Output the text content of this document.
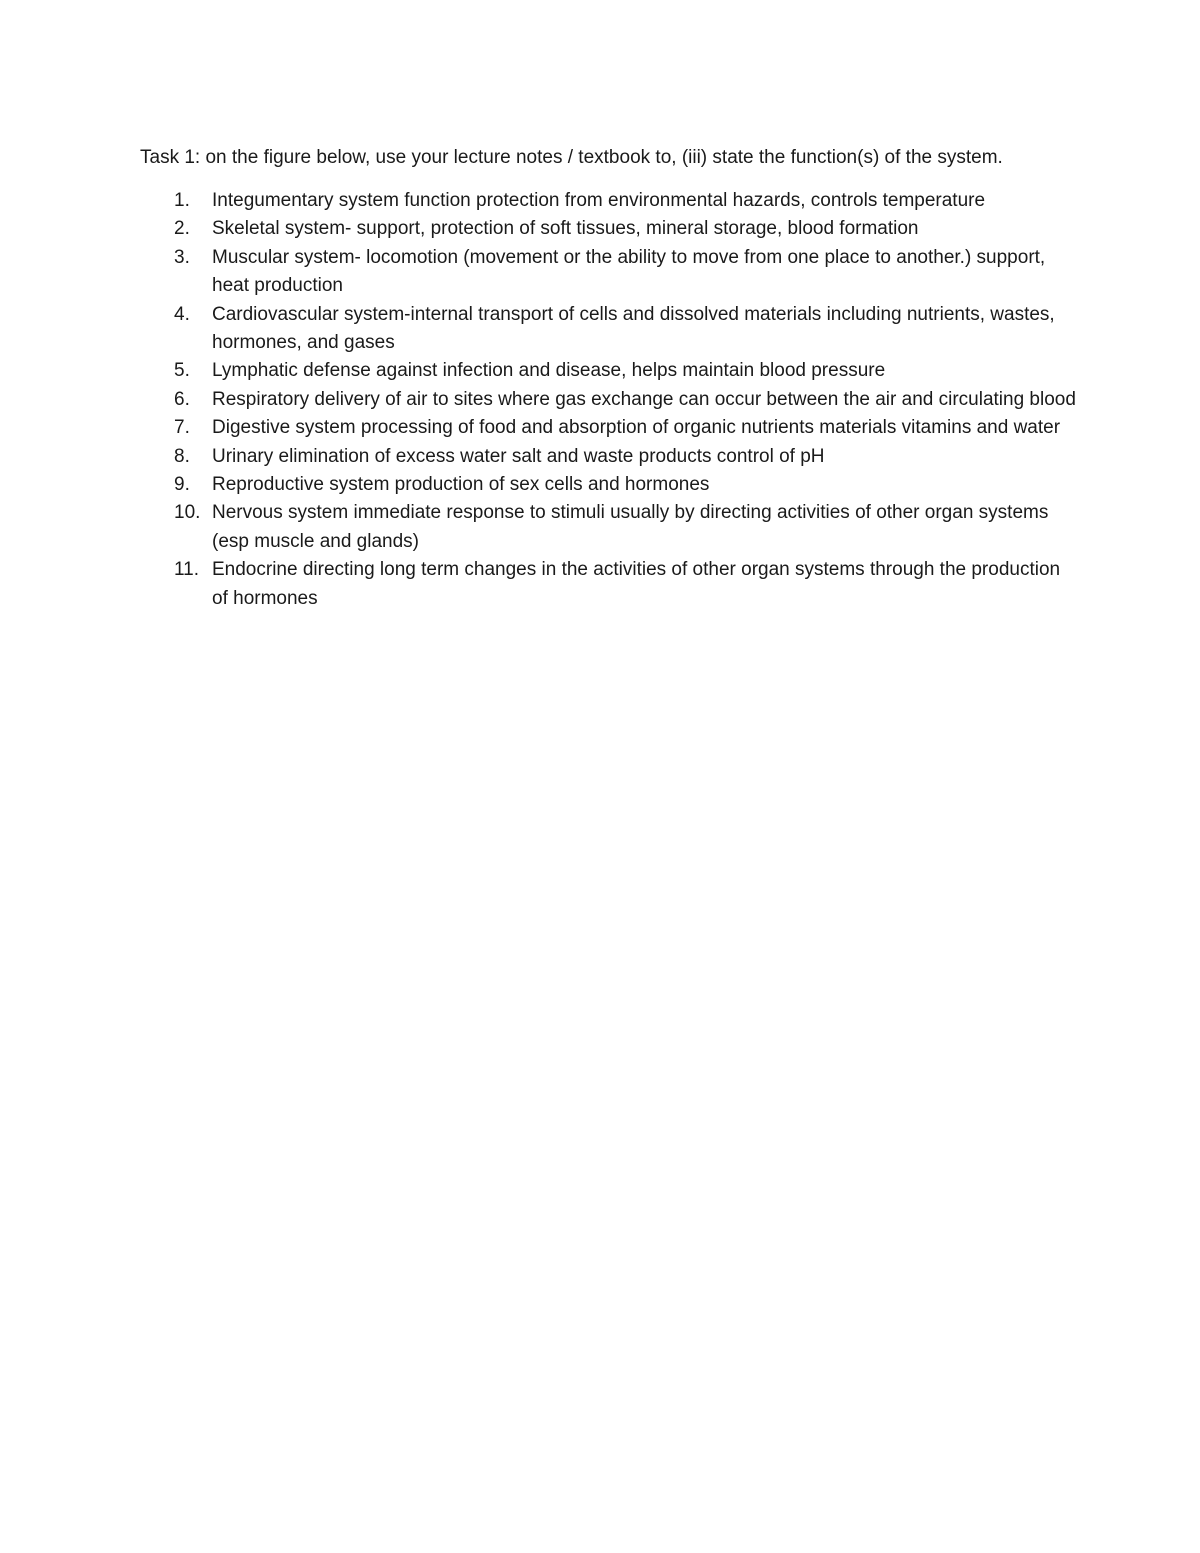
Task 1: on the figure below, use your lecture notes / textbook to, (iii) state the function(s) of the system.

1.	Integumentary system function protection from environmental hazards, controls temperature
2.	Skeletal system- support, protection of soft tissues, mineral storage, blood formation
3.	Muscular system- locomotion (movement or the ability to move from one place to another.) support, heat production
4.	Cardiovascular system-internal transport of cells and dissolved materials including nutrients, wastes, hormones, and gases
5.	Lymphatic defense against infection and disease, helps maintain blood pressure
6.	Respiratory delivery of air to sites where gas exchange can occur between the air and circulating blood
7.	Digestive system processing of food and absorption of organic nutrients materials vitamins and water
8.	Urinary elimination of excess water salt and waste products control of pH
9.	Reproductive system production of sex cells and hormones
10. Nervous system immediate response to stimuli usually by directing activities of other organ systems (esp muscle and glands)
11. Endocrine directing long term changes in the activities of other organ systems through the production of hormones
